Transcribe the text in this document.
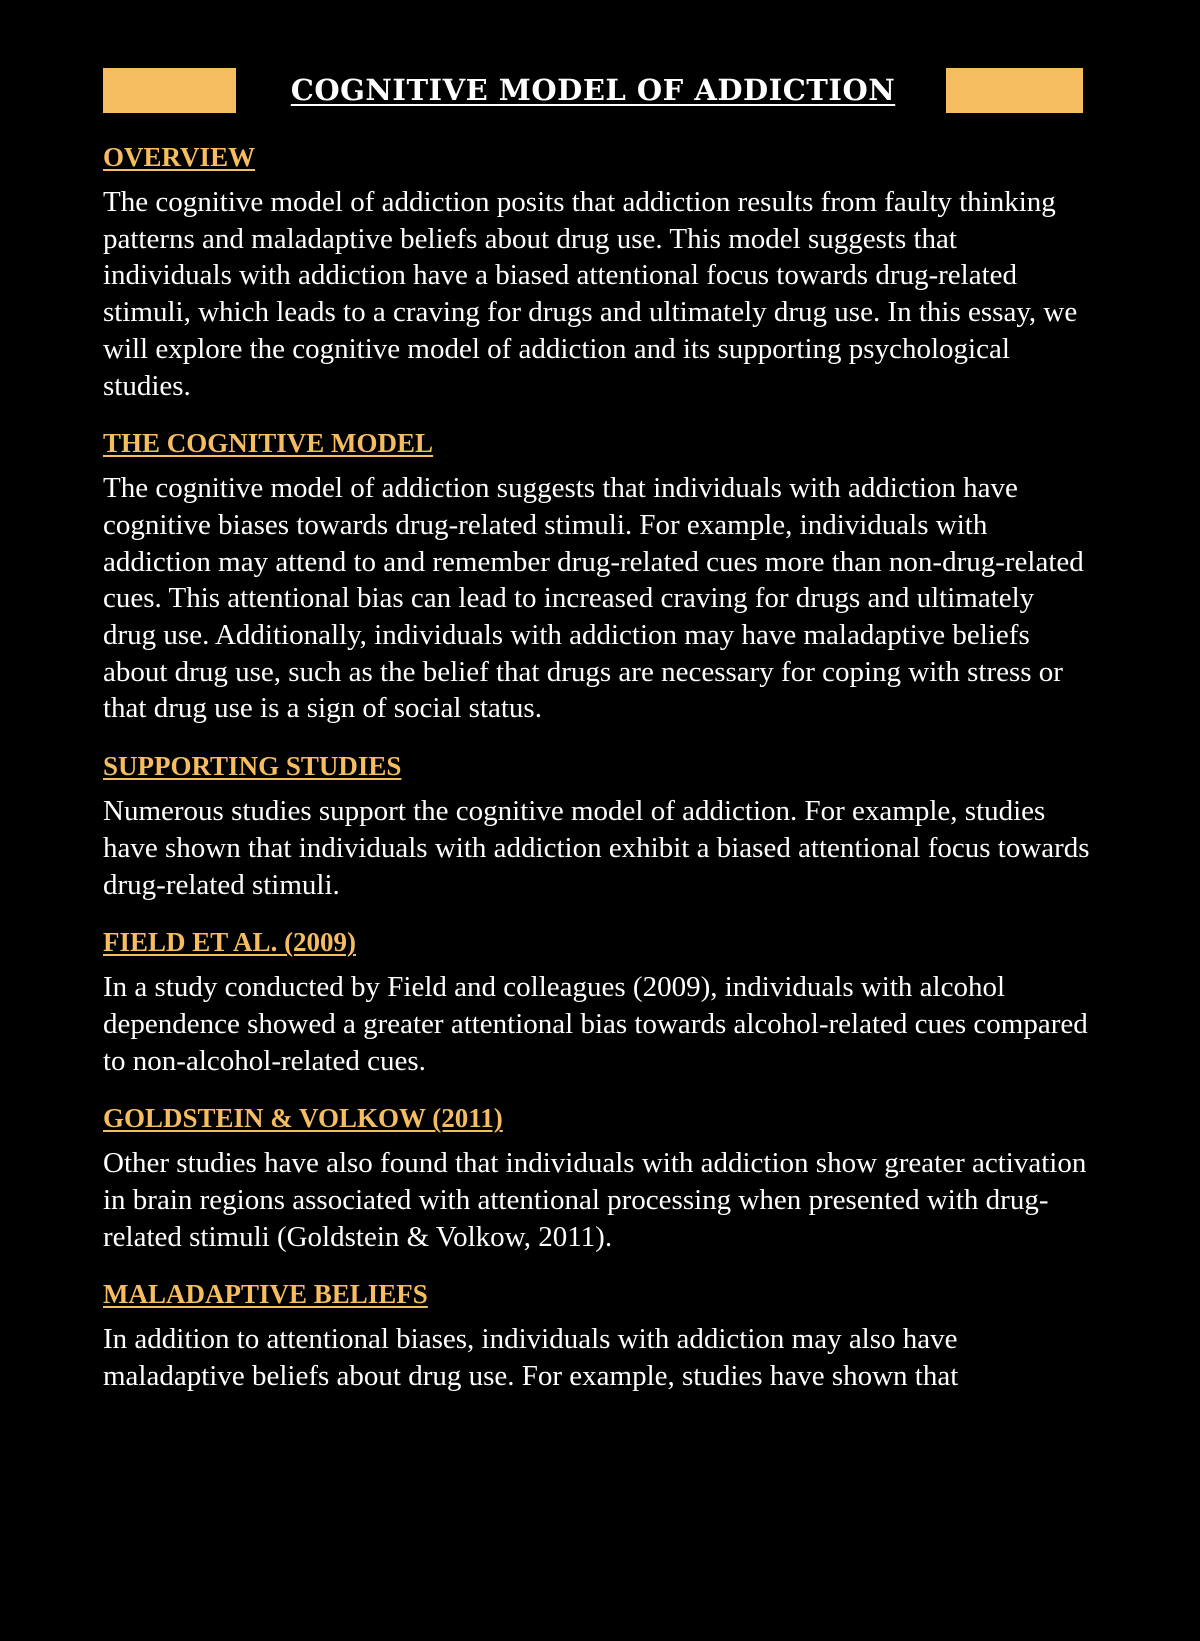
COGNITIVE MODEL OF ADDICTION
OVERVIEW

The cognitive model of addiction posits that addiction results from faulty thinking patterns and maladaptive beliefs about drug use. This model suggests that individuals with addiction have a biased attentional focus towards drug-related stimuli, which leads to a craving for drugs and ultimately drug use. In this essay, we will explore the cognitive model of addiction and its supporting psychological studies.

THE COGNITIVE MODEL

The cognitive model of addiction suggests that individuals with addiction have cognitive biases towards drug-related stimuli. For example, individuals with addiction may attend to and remember drug-related cues more than non-drug-related cues. This attentional bias can lead to increased craving for drugs and ultimately drug use. Additionally, individuals with addiction may have maladaptive beliefs about drug use, such as the belief that drugs are necessary for coping with stress or that drug use is a sign of social status.

SUPPORTING STUDIES

Numerous studies support the cognitive model of addiction. For example, studies have shown that individuals with addiction exhibit a biased attentional focus towards drug-related stimuli.

FIELD ET AL. (2009)

In a study conducted by Field and colleagues (2009), individuals with alcohol dependence showed a greater attentional bias towards alcohol-related cues compared to non-alcohol-related cues.

GOLDSTEIN & VOLKOW (2011)

Other studies have also found that individuals with addiction show greater activation in brain regions associated with attentional processing when presented with drug-related stimuli (Goldstein & Volkow, 2011).

MALADAPTIVE BELIEFS

In addition to attentional biases, individuals with addiction may also have maladaptive beliefs about drug use. For example, studies have shown that
